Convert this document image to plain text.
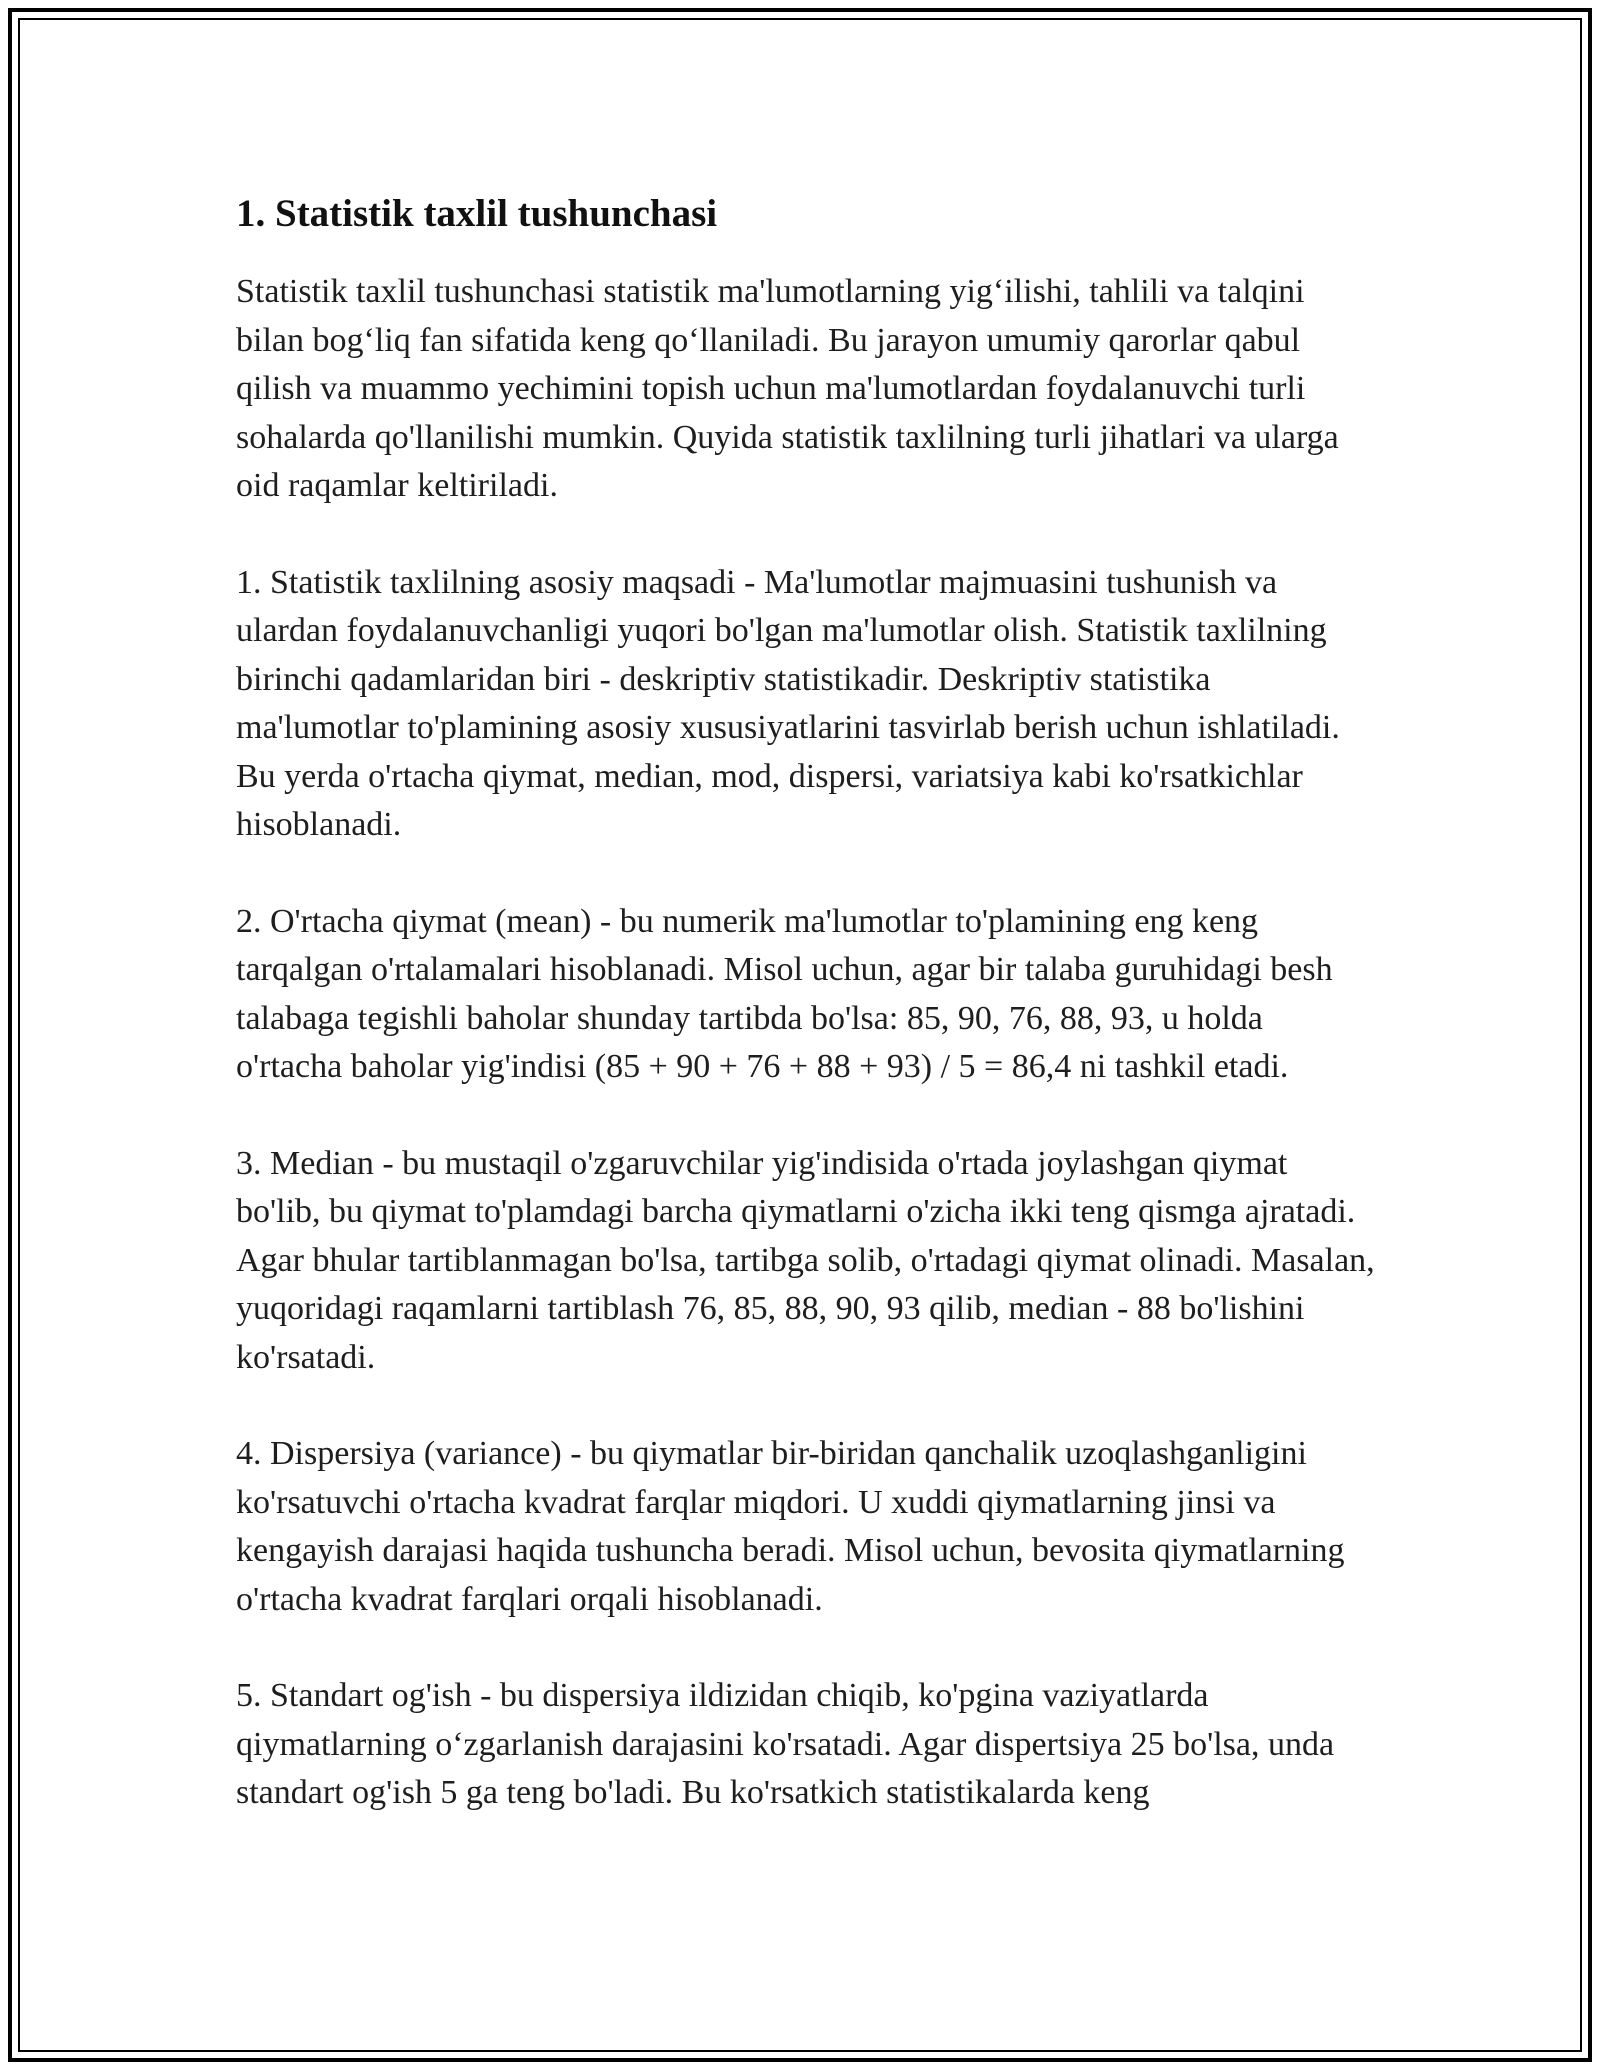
1. Statistik taxlil tushunchasi

Statistik taxlil tushunchasi statistik ma'lumotlarning yig‘ilishi, tahlili va talqini bilan bog‘liq fan sifatida keng qo‘llaniladi. Bu jarayon umumiy qarorlar qabul qilish va muammo yechimini topish uchun ma'lumotlardan foydalanuvchi turli sohalarda qo'llanilishi mumkin. Quyida statistik taxlilning turli jihatlari va ularga oid raqamlar keltiriladi.

1. Statistik taxlilning asosiy maqsadi - Ma'lumotlar majmuasini tushunish va ulardan foydalanuvchanligi yuqori bo'lgan ma'lumotlar olish. Statistik taxlilning birinchi qadamlaridan biri - deskriptiv statistikadir. Deskriptiv statistika ma'lumotlar to'plamining asosiy xususiyatlarini tasvirlab berish uchun ishlatiladi. Bu yerda o'rtacha qiymat, median, mod, dispersi, variatsiya kabi ko'rsatkichlar hisoblanadi.

2. O'rtacha qiymat (mean) - bu numerik ma'lumotlar to'plamining eng keng tarqalgan o'rtalamalari hisoblanadi. Misol uchun, agar bir talaba guruhidagi besh talabaga tegishli baholar shunday tartibda bo'lsa: 85, 90, 76, 88, 93, u holda o'rtacha baholar yig'indisi (85 + 90 + 76 + 88 + 93) / 5 = 86,4 ni tashkil etadi.

3. Median - bu mustaqil o'zgaruvchilar yig'indisida o'rtada joylashgan qiymat bo'lib, bu qiymat to'plamdagi barcha qiymatlarni o'zicha ikki teng qismga ajratadi. Agar bhular tartiblanmagan bo'lsa, tartibga solib, o'rtadagi qiymat olinadi. Masalan, yuqoridagi raqamlarni tartiblash 76, 85, 88, 90, 93 qilib, median - 88 bo'lishini ko'rsatadi.

4. Dispersiya (variance) - bu qiymatlar bir-biridan qanchalik uzoqlashganligini ko'rsatuvchi o'rtacha kvadrat farqlar miqdori. U xuddi qiymatlarning jinsi va kengayish darajasi haqida tushuncha beradi. Misol uchun, bevosita qiymatlarning o'rtacha kvadrat farqlari orqali hisoblanadi.

5. Standart og'ish - bu dispersiya ildizidan chiqib, ko'pgina vaziyatlarda qiymatlarning o‘zgarlanish darajasini ko'rsatadi. Agar dispertsiya 25 bo'lsa, unda standart og'ish 5 ga teng bo'ladi. Bu ko'rsatkich statistikalarda keng
